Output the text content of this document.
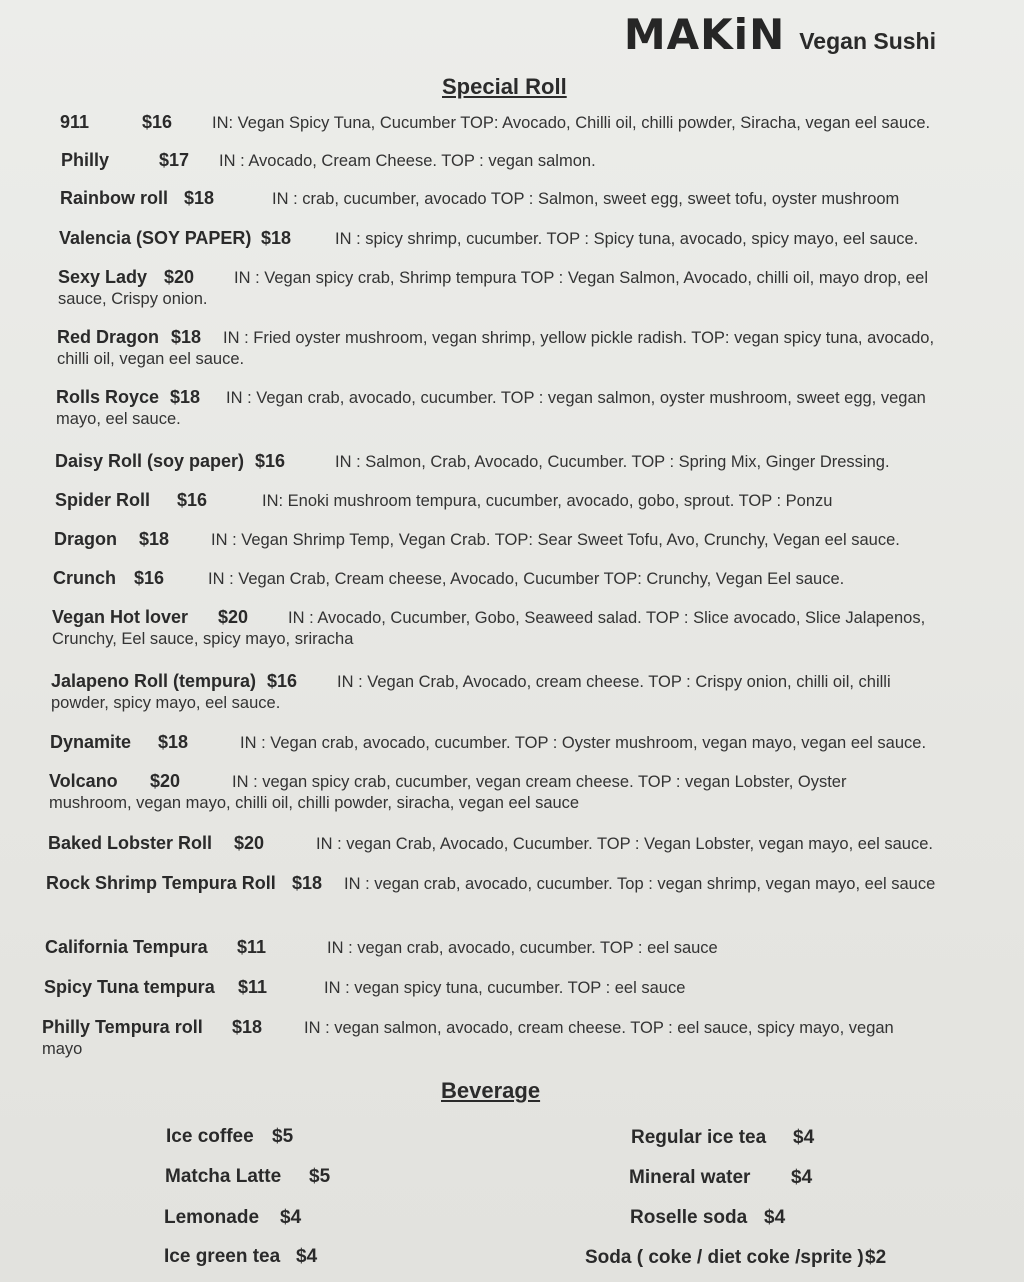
MAKiN Vegan Sushi
Special Roll
911	$16 IN: Vegan Spicy Tuna, Cucumber TOP: Avocado, Chilli oil, chilli powder, Siracha, vegan eel sauce.
Philly	$17 IN : Avocado, Cream Cheese. TOP : vegan salmon.
Rainbow roll $18	IN : crab, cucumber, avocado TOP : Salmon, sweet egg, sweet tofu, oyster mushroom
Valencia (SOY PAPER) $18	IN : spicy shrimp, cucumber. TOP : Spicy tuna, avocado, spicy mayo, eel sauce.
Sexy Lady $20 IN : Vegan spicy crab, Shrimp tempura TOP : Vegan Salmon, Avocado, chilli oil, mayo drop, eel sauce, Crispy onion.
Red Dragon $18 IN : Fried oyster mushroom, vegan shrimp, yellow pickle radish. TOP: vegan spicy tuna, avocado, chilli oil, vegan eel sauce.
Rolls Royce $18 IN : Vegan crab, avocado, cucumber. TOP : vegan salmon, oyster mushroom, sweet egg, vegan mayo, eel sauce.
Daisy Roll (soy paper) $16	IN : Salmon, Crab, Avocado, Cucumber. TOP : Spring Mix, Ginger Dressing.
Spider Roll $16	IN: Enoki mushroom tempura, cucumber, avocado, gobo, sprout. TOP : Ponzu
Dragon $18	IN : Vegan Shrimp Temp, Vegan Crab. TOP: Sear Sweet Tofu, Avo, Crunchy, Vegan eel sauce.
Crunch $16	IN : Vegan Crab, Cream cheese, Avocado, Cucumber TOP: Crunchy, Vegan Eel sauce.
Vegan Hot lover $20 IN : Avocado, Cucumber, Gobo, Seaweed salad. TOP : Slice avocado, Slice Jalapenos, Crunchy, Eel sauce, spicy mayo, sriracha
Jalapeno Roll (tempura) $16 IN : Vegan Crab, Avocado, cream cheese. TOP : Crispy onion, chilli oil, chilli powder, spicy mayo, eel sauce.
Dynamite $18	IN : Vegan crab, avocado, cucumber. TOP : Oyster mushroom, vegan mayo, vegan eel sauce.
Volcano $20	IN : vegan spicy crab, cucumber, vegan cream cheese. TOP : vegan Lobster, Oyster mushroom, vegan mayo, chilli oil, chilli powder, siracha, vegan eel sauce
Baked Lobster Roll $20	IN : vegan Crab, Avocado, Cucumber. TOP : Vegan Lobster, vegan mayo, eel sauce.
Rock Shrimp Tempura Roll $18 IN : vegan crab, avocado, cucumber. Top : vegan shrimp, vegan mayo, eel sauce
California Tempura $11	IN : vegan crab, avocado, cucumber. TOP : eel sauce
Spicy Tuna tempura $11	IN : vegan spicy tuna, cucumber. TOP : eel sauce
Philly Tempura roll $18	IN : vegan salmon, avocado, cream cheese. TOP : eel sauce, spicy mayo, vegan mayo
Beverage
Ice coffee $5	Regular ice tea $4
Matcha Latte $5	Mineral water $4
Lemonade $4	Roselle soda $4
Ice green tea $4	Soda ( coke / diet coke /sprite )$2
